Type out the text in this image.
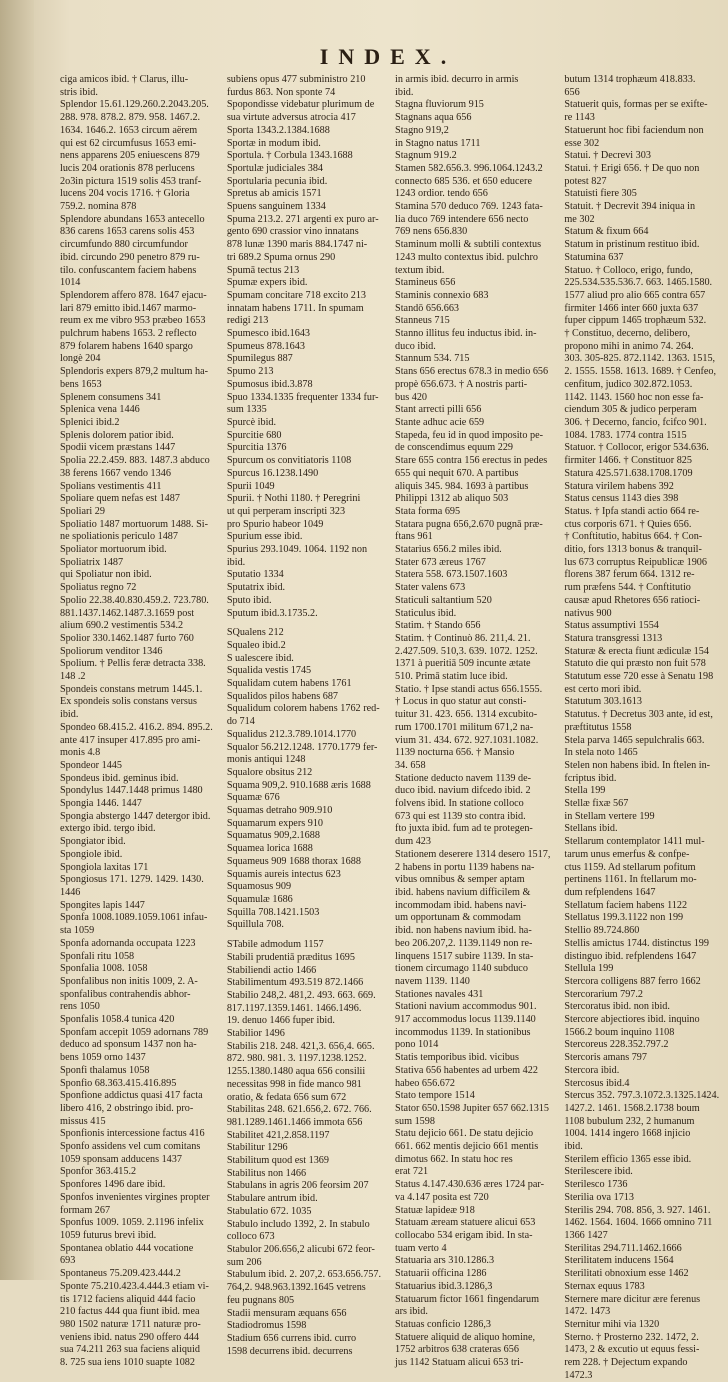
INDEX.
ciga amicos ibid. † Clarus, illu-
stris ibid.
Splendor 15.61.129.260.2.2043.205.
288. 978. 878.2. 879. 958. 1467.2.
1634. 1646.2. 1653 circum aërem
qui est 62 circumfusus 1653 emi-
nens apparens 205 eniuescens 879
lucis 204 orationis 878 perlucens
2o3in pictura 1519 solis 453 tranf-
lucens 204 vocis 1716. † Gloria
759.2. nomina 878
Splendore abundans 1653 antecello
836 carens 1653 carens solis 453
circumfundo 880 circumfundor
ibid. circundo 290 penetro 879 ru-
tilo. confuscantem faciem habens
1014
Splendorem affero 878. 1647 ejacu-
lari 879 emitto ibid.1467 marmo-
reum ex me vibro 953 præbeo 1653
pulchrum habens 1653. 2 reflecto
879 folarem habens 1640 spargo
longè 204
Splendoris expers 879,2 multum ha-
bens 1653
Splenem consumens 341
Splenica vena 1446
Splenici ibid.2
Splenis dolorem patior ibid.
Spodii vicem præstans 1447
Spolia 22.2.459. 883. 1487.3 abduco
38 ferens 1667 vendo 1346
Spolians vestimentis 411
Spoliare quem nefas est 1487
Spoliari 29
Spoliatio 1487 mortuorum 1488. Si-
ne spoliationis periculo 1487
Spoliator mortuorum ibid.
Spoliatrix 1487
qui Spoliatur non ibid.
Spoliatus regno 72
Spolio 22.38.40.830.459.2. 723.780.
881.1437.1462.1487.3.1659 post
alium 690.2 vestimentis 534.2
Spolior 330.1462.1487 furto 760
Spoliorum venditor 1346
Spolium. † Pellis feræ detracta 338.
148 .2
Spondeis constans metrum 1445.1.
Ex spondeis solis constans versus
ibid.
Spondeo 68.415.2. 416.2. 894. 895.2.
ante 417 insuper 417.895 pro ami-
monis 4.8
Spondeor 1445
Spondeus ibid. geminus ibid.
Spondylus 1447.1448 primus 1480
Spongia 1446. 1447
Spongia abstergo 1447 detergor ibid.
extergo ibid. tergo ibid.
Spongiator ibid.
Spongiole ibid.
Spongiola laxitas 171
Spongiosus 171. 1279. 1429. 1430.
1446
Spongites lapis 1447
Sponfa 1008.1089.1059.1061 infau-
sta 1059
Sponfa adornanda occupata 1223
Sponfali ritu 1058
Sponfalia 1008. 1058
Sponfalibus non initis 1009, 2. A-
sponfalibus contrahendis abhor-
rens 1050
Sponfalis 1058.4 tunica 420
Sponfam accepit 1059 adornans 789
deduco ad sponsum 1437 non ha-
bens 1059 orno 1437
Sponfi thalamus 1058
Sponfio 68.363.415.416.895
Sponfione addictus quasi 417 facta
libero 416, 2 obstringo ibid. pro-
missus 415
Sponfionis intercessione factus 416
Sponfo assidens vel cum comitans
1059 sponsam adducens 1437
Sponfor 363.415.2
Sponfores 1496 dare ibid.
Sponfos invenientes virgines propter
formam 267
Sponfus 1009. 1059. 2.1196 infelix
1059 futurus brevi ibid.
Spontanea oblatio 444 vocatione
693
Spontaneus 75.209.423.444.2
Sponte 75.210.423.4.444.3 etiam vi-
tis 1712 faciens aliquid 444 facio
210 factus 444 qua fiunt ibid. mea
980 1502 naturæ 1711 naturæ pro-
veniens ibid. natus 290 offero 444
sua 74.211 263 sua faciens aliquid
8. 725 sua iens 1010 suapte 1082
subiens opus 477 subministro 210
furdus 863. Non sponte 74
Spopondisse videbatur plurimum de
sua virtute adversus atrocia 417
Sporta 1343.2.1384.1688
Sportæ in modum ibid.
Sportula. † Corbula 1343.1688
Sportulæ judiciales 384
Sportularia pecunia ibid.
Spretus ab amicis 1571
Spuens sanguinem 1334
Spuma 213.2. 271 argenti ex puro ar-
gento 690 crassior vino innatans
878 lunæ 1390 maris 884.1747 ni-
tri 689.2 Spuma ornus 290
Spumā tectus 213
Spumæ expers ibid.
Spumam concitare 718 excito 213
innatam habens 1711. In spumam
redigi 213
Spumesco ibid.1643
Spumeus 878.1643
Spumilegus 887
Spumo 213
Spumosus ibid.3.878
Spuo 1334.1335 frequenter 1334 fur-
sum 1335
Spurcè ibid.
Spurcitie 680
Spurcitia 1376
Spurcum os convitiatoris 1108
Spurcus 16.1238.1490
Spurii 1049
Spurii. † Nothi 1180. † Peregrini
ut qui perperam inscripti 323
pro Spurio habeor 1049
Spurium esse ibid.
Spurius 293.1049. 1064. 1192 non
ibid.
Sputatio 1334
Sputatrix ibid.
Sputo ibid.
Sputum ibid.3.1735.2.
SQualens 212
Squaleo ibid.2
S ualescere ibid.
Squalida vestis 1745
Squalidam cutem habens 1761
Squalidos pilos habens 687
Squalidum colorem habens 1762 red-
do 714
Squalidus 212.3.789.1014.1770
Squalor 56.212.1248. 1770.1779 fer-
monis antiqui 1248
Squalore obsitus 212
Squama 909,2. 910.1688 æris 1688
Squamæ 676
Squamas detraho 909.910
Squamarum expers 910
Squamatus 909,2.1688
Squamea lorica 1688
Squameus 909 1688 thorax 1688
Squamis aureis intectus 623
Squamosus 909
Squamulæ 1686
Squilla 708.1421.1503
Squillula 708.
STabile admodum 1157
Stabili prudentiā præditus 1695
Stabiliendi actio 1466
Stabilimentum 493.519 872.1466
Stabilio 248,2. 481,2. 493. 663. 669.
817.1197.1359.1461. 1466.1496.
19. denuo 1466 fuper ibid.
Stabilior 1496
Stabilis 218. 248. 421,3. 656,4. 665.
872. 980. 981. 3. 1197.1238.1252.
1255.1380.1480 aqua 656 consilii
necessitas 998 in fide manco 981
oratio, & fedata 656 sum 672
Stabilitas 248. 621.656,2. 672. 766.
981.1289.1461.1466 immota 656
Stabilitet 421,2.858.1197
Stabilitur 1296
Stabilitum quod est 1369
Stabilitus non 1466
Stabulans in agris 206 feorsim 207
Stabulare antrum ibid.
Stabulatio 672. 1035
Stabulo includo 1392, 2. In stabulo
colloco 673
Stabulor 206.656,2 alicubi 672 feor-
sum 206
Stabulum ibid. 2. 207,2. 653.656.757.
764,2. 948.963.1392.1645 vetrens
feu pugnans 805
Stadii mensuram æquans 656
Stadiodromus 1598
Stadium 656 currens ibid. curro
1598 decurrens ibid. decurrens
in armis ibid. decurro in armis
ibid.
Stagna fluviorum 915
Stagnans aqua 656
Stagno 919,2
in Stagno natus 1711
Stagnum 919.2
Stamen 582.656.3. 996.1064.1243.2
connecto 685 536. et 650 educere
1243 ordior. tendo 656
Stamina 570 deduco 769. 1243 fata-
lia duco 769 intendere 656 necto
769 nens 656.830
Staminum molli & subtili contextus
1243 multo contextus ibid. pulchro
textum ibid.
Stamineus 656
Staminis connexio 683
Standō 656.663
Stanneus 715
Stanno illitus feu inductus ibid. in-
duco ibid.
Stannum 534. 715
Stans 656 erectus 678.3 in medio 656
propè 656.673. † A nostris parti-
bus 420
Stant arrecti pilli 656
Stante adhuc acie 659
Stapeda, feu id in quod imposito pe-
de conscendimus equum 229
Stare 655 contra 156 erectus in pedes
655 qui nequit 670. A partibus
aliquis 345. 984. 1693 à partibus
Philippi 1312 ab aliquo 503
Stata forma 695
Statara pugna 656,2.670 pugnā præ-
ftans 961
Statarius 656.2 miles ibid.
Stater 673 æreus 1767
Statera 558. 673.1507.1603
Stater valens 673
Staticuli saltantium 520
Staticulus ibid.
Statim. † Stando 656
Statim. † Continuò 86. 211,4. 21.
2.427.509. 510,3. 639. 1072. 1252.
1371 à pueritiā 509 incunte ætate
510. Primā statim luce ibid.
Statio. † Ipse standi actus 656.1555.
† Locus in quo statur aut consti-
tuitur 31. 423. 656. 1314 excubito-
rum 1700.1701 militum 671,2 na-
vium 31. 434. 672. 927.1031.1082.
1139 nocturna 656. † Mansio
34. 658
Statione deducto navem 1139 de-
duco ibid. navium difcedo ibid. 2
folvens ibid. In statione colloco
673 qui est 1139 sto contra ibid.
fto juxta ibid. fum ad te protegen-
dum 423
Stationem deserere 1314 desero 1517,
2 habens in portu 1139 habens na-
vibus omnibus & semper aptam
ibid. habens navium difficilem &
incommodam ibid. habens navi-
um opportunam & commodam
ibid. non habens navium ibid. ha-
beo 206.207,2. 1139.1149 non re-
linquens 1517 subire 1139. In sta-
tionem circumago 1140 subduco
navem 1139. 1140
Stationes navales 431
Stationi navium accommodus 901.
917 accommodus locus 1139.1140
incommodus 1139. In stationibus
pono 1014
Statis temporibus ibid. vicibus
Stativa 656 habentes ad urbem 422
habeo 656.672
Stato tempore 1514
Stator 650.1598 Jupiter 657 662.1315
sum 1598
Statu dejicio 661. De statu dejicio
661. 662 mentis dejicio 661 mentis
dimotus 662. In statu hoc res
erat 721
Status 4.147.430.636 æres 1724 par-
va 4.147 posita est 720
Statuæ lapideæ 918
Statuam æream statuere alicui 653
collocabo 534 erigam ibid. In sta-
tuam verto 4
Statuaria ars 310.1286.3
Statuarii officina 1286
Statuarius ibid.3.1286,3
Statuarum fictor 1661 fingendarum
ars ibid.
Statuas conficio 1286,3
Statuere aliquid de aliquo homine,
1752 arbitros 638 crateras 656
jus 1142 Statuam alicui 653 tri-
butum 1314 trophæum 418.833.
656
Statuerit quis, formas per se exifte-
re 1143
Statuerunt hoc fibi faciendum non
esse 302
Statui. † Decrevi 303
Statui. † Erigi 656. † De quo non
potest 827
Statuisti fiere 305
Statuit. † Decrevit 394 iniqua in
me 302
Statum & fixum 664
Statum in pristinum restituo ibid.
Statumina 637
Statuo. † Colloco, erigo, fundo,
225.534.535.536.7. 663. 1465.1580.
1577 aliud pro alio 665 contra 657
firmiter 1466 inter 660 juxta 637
fuper cippum 1465 trophæum 532.
† Constituo, decerno, delibero,
propono mihi in animo 74. 264.
303. 305-825. 872.1142. 1363. 1515,
2. 1555. 1558. 1613. 1689. † Cenfeo,
cenfitum, judico 302.872.1053.
1142. 1143. 1560 hoc non esse fa-
ciendum 305 & judico perperam
306. † Decerno, fancio, fcifco 901.
1084. 1783. 1774 contra 1515
Statuor. † Collocor, erigor 534.636.
firmiter 1466. † Constituor 825
Statura 425.571.638.1708.1709
Statura virilem habens 392
Status census 1143 dies 398
Status. † Ipfa standi actio 664 re-
ctus corporis 671. † Quies 656.
† Conftitutio, habitus 664. † Con-
ditio, fors 1313 bonus & tranquil-
lus 673 corruptus Reipublicæ 1906
florens 387 ferum 664. 1312 re-
rum præfens 544. † Conftitutio
causæ apud Rhetores 656 ratioci-
nativus 900
Status assumptivi 1554
Statura transgressi 1313
Staturæ & erecta fiunt ædiculæ 154
Statuto die qui præsto non fuit 578
Statutum esse 720 esse à Senatu 198
est certo mori ibid.
Statutum 303.1613
Statutus. † Decretus 303 ante, id est,
præftitutus 1558
Stela parva 1465 sepulchralis 663.
In stela noto 1465
Stelen non habens ibid. In ftelen in-
fcriptus ibid.
Stella 199
Stellæ fixæ 567
in Stellam vertere 199
Stellans ibid.
Stellarum contemplator 1411 mul-
tarum unus emerfus & confpe-
ctus 1159. Ad stellarum pofitum
pertinens 1161. In ftellarum mo-
dum refplendens 1647
Stellatum faciem habens 1122
Stellatus 199.3.1122 non 199
Stellio 89.724.860
Stellis amictus 1744. distinctus 199
distinguo ibid. refplendens 1647
Stellula 199
Stercora colligens 887 ferro 1662
Stercorarium 797.2
Stercoratus ibid. non ibid.
Stercore abjectiores ibid. inquino
1566.2 boum inquino 1108
Stercoreus 228.352.797.2
Stercoris amans 797
Stercora ibid.
Stercosus ibid.4
Stercus 352. 797.3.1072.3.1325.1424.
1427.2. 1461. 1568.2.1738 boum
1108 bubulum 232, 2 humanum
1004. 1414 ingero 1668 injicio
ibid.
Sterilem efficio 1365 esse ibid.
Sterilescere ibid.
Sterilesco 1736
Sterilia ova 1713
Sterilis 294. 708. 856, 3. 927. 1461.
1462. 1564. 1604. 1666 omnino 711
1366 1427
Sterilitas 294.711.1462.1666
Sterilitatem inducens 1564
Sterilitati obnoxium esse 1462
Sternax equus 1783
Sternere mare dicitur ære ferenus
1472. 1473
Sternitur mihi via 1320
Sterno. † Prosterno 232. 1472, 2.
1473, 2 & excutio ut equus fessi-
rem 228. † Dejectum expando
1472.3
